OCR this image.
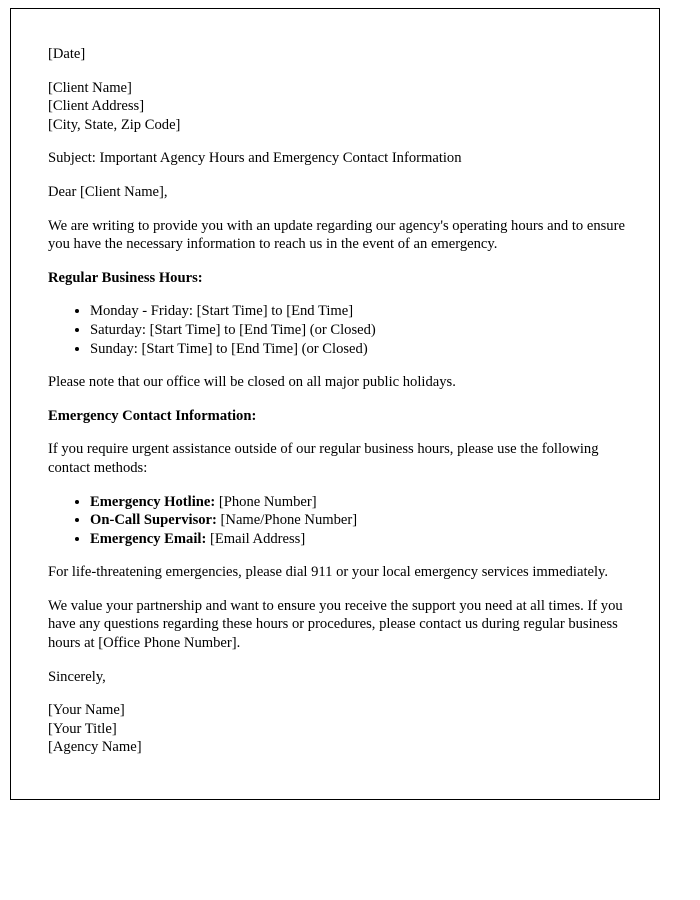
[Date]

[Client Name]
[Client Address]
[City, State, Zip Code]

Subject: Important Agency Hours and Emergency Contact Information

Dear [Client Name],

We are writing to provide you with an update regarding our agency's operating hours and to ensure you have the necessary information to reach us in the event of an emergency.

Regular Business Hours:

• Monday - Friday: [Start Time] to [End Time]
• Saturday: [Start Time] to [End Time] (or Closed)
• Sunday: [Start Time] to [End Time] (or Closed)

Please note that our office will be closed on all major public holidays.

Emergency Contact Information:

If you require urgent assistance outside of our regular business hours, please use the following contact methods:

• Emergency Hotline: [Phone Number]
• On-Call Supervisor: [Name/Phone Number]
• Emergency Email: [Email Address]

For life-threatening emergencies, please dial 911 or your local emergency services immediately.

We value your partnership and want to ensure you receive the support you need at all times. If you have any questions regarding these hours or procedures, please contact us during regular business hours at [Office Phone Number].

Sincerely,

[Your Name]
[Your Title]
[Agency Name]
